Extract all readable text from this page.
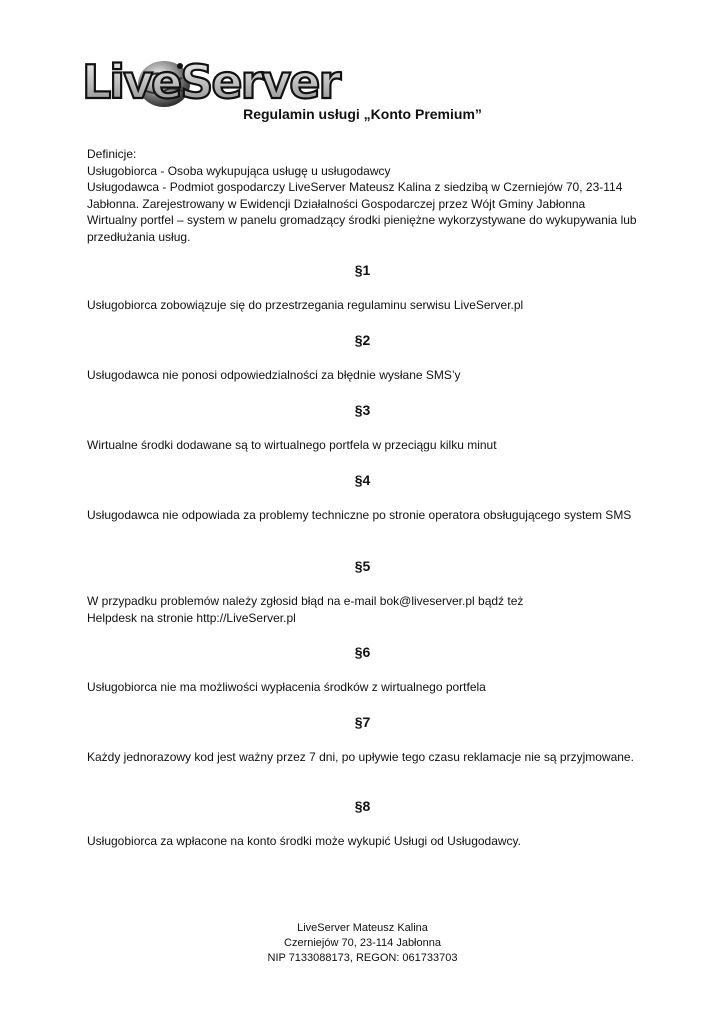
LiveServer
Regulamin usługi „Konto Premium”

Definicje:

Usługobiorca - Osoba wykupująca usługę u usługodawcy

Usługodawca - Podmiot gospodarczy LiveServer Mateusz Kalina z siedzibą w Czerniejów 70, 23-114 Jabłonna. Zarejestrowany w Ewidencji Działalności Gospodarczej przez Wójt Gminy Jabłonna

Wirtualny portfel – system w panelu gromadzący środki pieniężne wykorzystywane do wykupywania lub przedłużania usług.

§1

Usługobiorca zobowiązuje się do przestrzegania regulaminu serwisu LiveServer.pl

§2

Usługodawca nie ponosi odpowiedzialności za błędnie wysłane SMS’y

§3

Wirtualne środki dodawane są to wirtualnego portfela w przeciągu kilku minut

§4

Usługodawca nie odpowiada za problemy techniczne po stronie operatora obsługującego system SMS

§5

W przypadku problemów należy zgłosid błąd na e-mail bok@liveserver.pl bądź też

Helpdesk na stronie http://LiveServer.pl

§6

Usługobiorca nie ma możliwości wypłacenia środków z wirtualnego portfela

§7

Każdy jednorazowy kod jest ważny przez 7 dni, po upływie tego czasu reklamacje nie są przyjmowane.

§8

Usługobiorca za wpłacone na konto środki może wykupić Usługi od Usługodawcy.

LiveServer Mateusz Kalina

Czerniejów 70, 23-114 Jabłonna

NIP 7133088173, REGON: 061733703
